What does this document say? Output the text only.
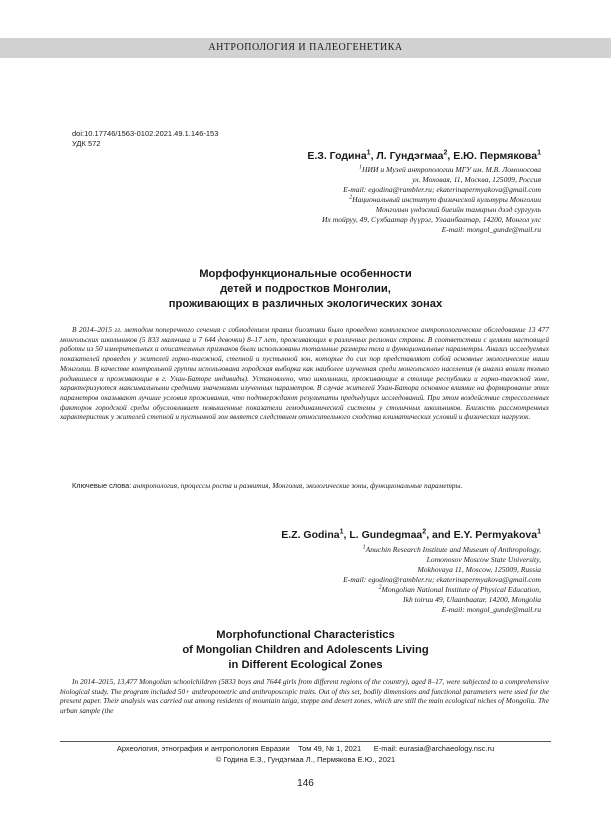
АНТРОПОЛОГИЯ И ПАЛЕОГЕНЕТИКА
doi:10.17746/1563-0102.2021.49.1.146-153
УДК 572
Е.З. Година$^1$, Л. Гундэгмаа$^2$, Е.Ю. Пермякова$^1$
$^1$НИИ и Музей антропологии МГУ им. М.В. Ломоносова
ул. Моховая, 11, Москва, 125009, Россия
E-mail: egodina@rambler.ru; ekaterinapermyakova@gmail.com
$^2$Национальный институт физической культуры Монголии
Монголын үндэсний биеийн тамирын дээд сургууль
Их тойруу, 49, Сүхбаатар дүүрэг, Улаанбаатар, 14200, Монгол улс
E-mail: mongol_gunde@mail.ru
Морфофункциональные особенности
детей и подростков Монголии,
проживающих в различных экологических зонах

В 2014–2015 гг. методом поперечного сечения с соблюдением правил биоэтики было проведено комплексное антропологическое обследование 13 477 монгольских школьников (5 833 мальчика и 7 644 девочки) 8–17 лет, проживающих в различных регионах страны. В соответствии с целями настоящей работы из 50 измерительных и описательных признаков были использованы тотальные размеры тела и функциональные параметры. Анализ исследуемых показателей проведен у жителей горно-таежной, степной и пустынной зон, которые до сих пор представляют собой основные экологические ниши Монголии. В качестве контрольной группы использована городская выборка как наиболее изученная среди монгольского населения (в анализ вошли только родившиеся и проживающие в г. Улан-Баторе индивиды). Установлено, что школьники, проживающие в столице республики и горно-таежной зоне, характеризуются максимальными средними значениями изученных параметров. В случае жителей Улан-Батора основное влияние на формирование этих параметров оказывают лучшие условия проживания, что подтверждают результаты предыдущих исследований. При этом воздействие стрессогенных факторов городской среды обусловливает повышенные показатели гемодинамической системы у столичных школьников. Близость рассмотренных характеристик у жителей степной и пустынной зон является следствием относительного сходства климатических условий и физических нагрузок.

Ключевые слова: антропология, процессы роста и развития, Монголия, экологические зоны, функциональные параметры.

E.Z. Godina$^1$, L. Gundegmaa$^2$, and E.Y. Permyakova$^1$
$^1$Anuchin Research Institute and Museum of Anthropology,
Lomonosov Moscow State University,
Mokhovaya 11, Moscow, 125009, Russia
E-mail: egodina@rambler.ru; ekaterinapermyakova@gmail.com
$^2$Mongolian National Institute of Physical Education,
Ikh toiruu 49, Ulaanbaatar, 14200, Mongolia
E-mail: mongol_gunde@mail.ru
Morphofunctional Characteristics
of Mongolian Children and Adolescents Living
in Different Ecological Zones

In 2014–2015, 13,477 Mongolian schoolchildren (5833 boys and 7644 girls from different regions of the country), aged 8–17, were subjected to a comprehensive biological study. The program included 50+ anthropometric and anthroposcopic traits. Out of this set, bodily dimensions and functional parameters were used for the present paper. Their analysis was carried out among residents of mountain taiga, steppe and desert zones, which are still the main ecological niches of Mongolia. The urban sample (the

Археология, этнография и антропология Евразии Том 49, № 1, 2021 E-mail: eurasia@archaeology.nsc.ru
© Година Е.З., Гундэгмаа Л., Пермякова Е.Ю., 2021
146
